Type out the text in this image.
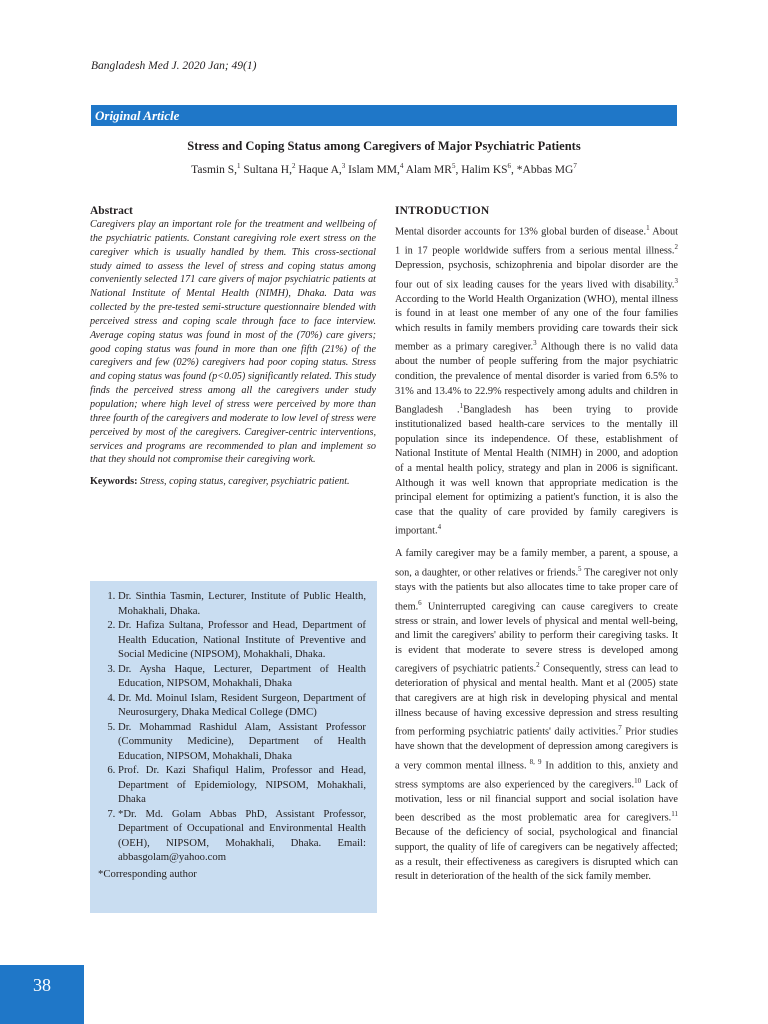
Bangladesh Med J. 2020 Jan; 49(1)
Original Article
Stress and Coping Status among Caregivers of Major Psychiatric Patients
Tasmin S,$^1$ Sultana H,$^2$ Haque A,$^3$ Islam MM,$^4$ Alam $MR^5$, Halim $KS^6$, *Abbas $MG^7$
Abstract

Caregivers play an important role for the treatment and wellbeing of the psychiatric patients. Constant caregiving role exert stress on the caregiver which is usually handled by them. This cross-sectional study aimed to assess the level of stress and coping status among conveniently selected 171 care givers of major psychiatric patients at National Institute of Mental Health (NIMH), Dhaka. Data was collected by the pre-tested semi-structure questionnaire blended with perceived stress and coping scale through face to face interview. Average coping status was found in most of the (70%) care givers; good coping status was found in more than one fifth (21%) of the caregivers and few (02%) caregivers had poor coping status. Stress and coping status was found (p<0.05) significantly related. This study finds the perceived stress among all the caregivers under study population; where high level of stress were perceived by more than three fourth of the caregivers and moderate to low level of stress were perceived by most of the caregivers. Caregiver-centric interventions, services and programs are recommended to plan and implement so that they should not compromise their caregiving work.

Keywords: Stress, coping status, caregiver, psychiatric patient.
1. Dr. Sinthia Tasmin, Lecturer, Institute of Public Health, Mohakhali, Dhaka.
2. Dr. Hafiza Sultana, Professor and Head, Department of Health Education, National Institute of Preventive and Social Medicine (NIPSOM), Mohakhali, Dhaka.
3. Dr. Aysha Haque, Lecturer, Department of Health Education, NIPSOM, Mohakhali, Dhaka
4. Dr. Md. Moinul Islam, Resident Surgeon, Department of Neurosurgery, Dhaka Medical College (DMC)
5. Dr. Mohammad Rashidul Alam, Assistant Professor (Community Medicine), Department of Health Education, NIPSOM, Mohakhali, Dhaka
6. Prof. Dr. Kazi Shafiqul Halim, Professor and Head, Department of Epidemiology, NIPSOM, Mohakhali, Dhaka
7. *Dr. Md. Golam Abbas PhD, Assistant Professor, Department of Occupational and Environmental Health (OEH), NIPSOM, Mohakhali, Dhaka. Email: abbasgolam@yahoo.com
*Corresponding author
INTRODUCTION

Mental disorder accounts for 13% global burden of disease.$^1$ About 1 in 17 people worldwide suffers from a serious mental illness.$^2$ Depression, psychosis, schizophrenia and bipolar disorder are the four out of six leading causes for the years lived with disability.$^3$ According to the World Health Organization (WHO), mental illness is found in at least one member of any one of the four families which results in family members providing care towards their sick member as a primary caregiver.$^3$ Although there is no valid data about the number of people suffering from the major psychiatric condition, the prevalence of mental disorder is varied from 6.5% to 31% and 13.4% to 22.9% respectively among adults and children in Bangladesh .$^1$Bangladesh has been trying to provide institutionalized based health-care services to the mentally ill population since its independence. Of these, establishment of National Institute of Mental Health (NIMH) in 2000, and adoption of a mental health policy, strategy and plan in 2006 is significant. Although it was well known that appropriate medication is the principal element for optimizing a patient's function, it is also the case that the quality of care provided by family caregivers is important.$^4$

A family caregiver may be a family member, a parent, a spouse, a son, a daughter, or other relatives or friends.$^5$ The caregiver not only stays with the patients but also allocates time to take proper care of them.$^6$ Uninterrupted caregiving can cause caregivers to create stress or strain, and lower levels of physical and mental well-being, and limit the caregivers' ability to perform their caregiving tasks. It is evident that moderate to severe stress is developed among caregivers of psychiatric patients.$^2$ Consequently, stress can lead to deterioration of physical and mental health. Mant et al (2005) state that caregivers are at high risk in developing physical and mental illness because of having excessive depression and stress resulting from performing psychiatric patients' daily activities.$^7$ Prior studies have shown that the development of depression among caregivers is a very common mental illness. $^{8, 9}$ In addition to this, anxiety and stress symptoms are also experienced by the caregivers.$^{10}$ Lack of motivation, less or nil financial support and social isolation have been described as the most problematic area for caregivers.$^{11}$ Because of the deficiency of social, psychological and financial support, the quality of life of caregivers can be negatively affected; as a result, their effectiveness as caregivers is disrupted which can result in deterioration of the health of the sick family member.

38
